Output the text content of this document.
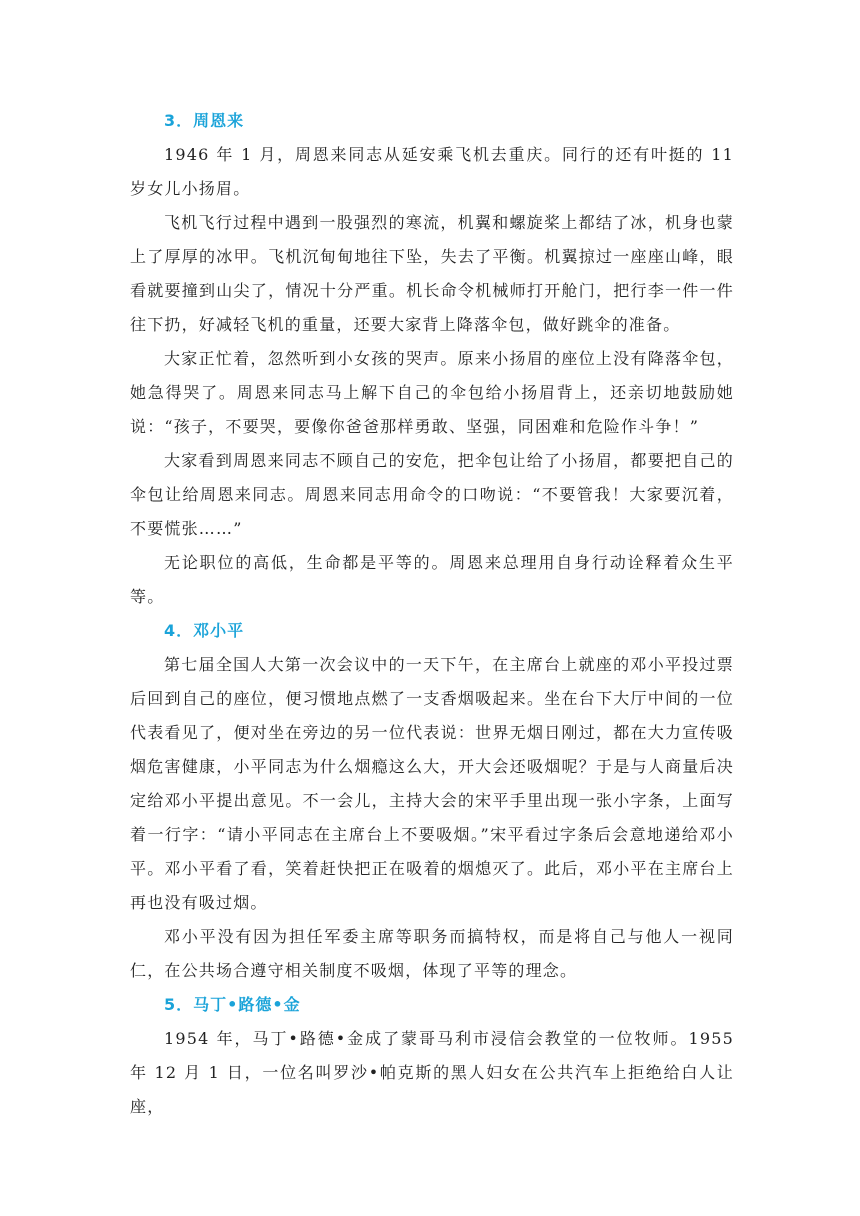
3．周恩来

1946 年 1 月，周恩来同志从延安乘飞机去重庆。同行的还有叶挺的 11 岁女儿小扬眉。

飞机飞行过程中遇到一股强烈的寒流，机翼和螺旋桨上都结了冰，机身也蒙上了厚厚的冰甲。飞机沉甸甸地往下坠，失去了平衡。机翼掠过一座座山峰，眼看就要撞到山尖了，情况十分严重。机长命令机械师打开舱门，把行李一件一件往下扔，好减轻飞机的重量，还要大家背上降落伞包，做好跳伞的准备。

大家正忙着，忽然听到小女孩的哭声。原来小扬眉的座位上没有降落伞包，她急得哭了。周恩来同志马上解下自己的伞包给小扬眉背上，还亲切地鼓励她说：“孩子，不要哭，要像你爸爸那样勇敢、坚强，同困难和危险作斗争！”

大家看到周恩来同志不顾自己的安危，把伞包让给了小扬眉，都要把自己的伞包让给周恩来同志。周恩来同志用命令的口吻说：“不要管我！大家要沉着，不要慌张……”

无论职位的高低，生命都是平等的。周恩来总理用自身行动诠释着众生平等。

4．邓小平

第七届全国人大第一次会议中的一天下午，在主席台上就座的邓小平投过票后回到自己的座位，便习惯地点燃了一支香烟吸起来。坐在台下大厅中间的一位代表看见了，便对坐在旁边的另一位代表说：世界无烟日刚过，都在大力宣传吸烟危害健康，小平同志为什么烟瘾这么大，开大会还吸烟呢？于是与人商量后决定给邓小平提出意见。不一会儿，主持大会的宋平手里出现一张小字条，上面写着一行字：“请小平同志在主席台上不要吸烟。”宋平看过字条后会意地递给邓小平。邓小平看了看，笑着赶快把正在吸着的烟熄灭了。此后，邓小平在主席台上再也没有吸过烟。

邓小平没有因为担任军委主席等职务而搞特权，而是将自己与他人一视同仁，在公共场合遵守相关制度不吸烟，体现了平等的理念。

5．马丁•路德•金

1954 年，马丁•路德•金成了蒙哥马利市浸信会教堂的一位牧师。1955 年 12 月 1 日，一位名叫罗沙•帕克斯的黑人妇女在公共汽车上拒绝给白人让座，
